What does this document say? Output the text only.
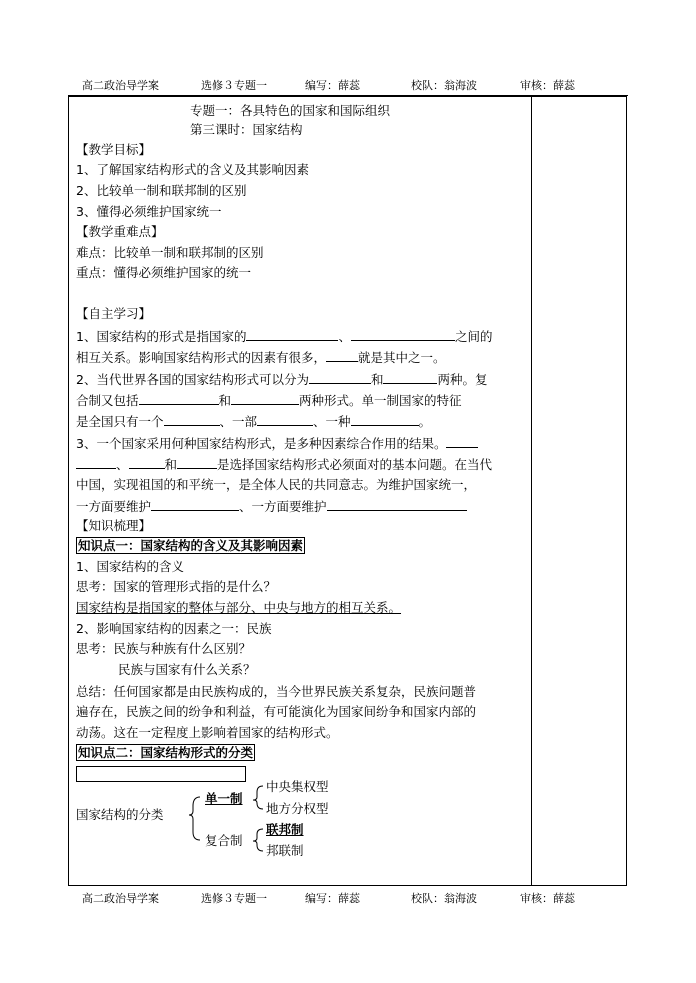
高二政治导学案	选修３专题一	编写：薛蕊	校队：翁海波	审核：薛蕊
专题一：各具特色的国家和国际组织
第三课时：国家结构
【教学目标】
1、了解国家结构形式的含义及其影响因素
2、比较单一制和联邦制的区别
3、懂得必须维护国家统一
【教学重难点】
难点：比较单一制和联邦制的区别
重点：懂得必须维护国家的统一
【自主学习】
1、国家结构的形式是指国家的	、	之间的
相互关系。影响国家结构形式的因素有很多，	就是其中之一。
2、当代世界各国的国家结构形式可以分为	和	两种。复
合制又包括	和	两种形式。单一制国家的特征
是全国只有一个	、一部	、一种	。
3、一个国家采用何种国家结构形式，是多种因素综合作用的结果。
、	和	是选择国家结构形式必须面对的基本问题。在当代
中国，实现祖国的和平统一，是全体人民的共同意志。为维护国家统一，
一方面要维护	、一方面要维护
【知识梳理】
知识点一：国家结构的含义及其影响因素
1、国家结构的含义
思考：国家的管理形式指的是什么？
国家结构是指国家的整体与部分、中央与地方的相互关系。
2、影响国家结构的因素之一：民族
思考：民族与种族有什么区别？
民族与国家有什么关系？
总结：任何国家都是由民族构成的，当今世界民族关系复杂，民族问题普
遍存在，民族之间的纷争和利益，有可能演化为国家间纷争和国家内部的
动荡。这在一定程度上影响着国家的结构形式。
知识点二：国家结构形式的分类
国家结构的分类
单一制
复合制
中央集权型
地方分权型
联邦制
邦联制
高二政治导学案	选修３专题一	编写：薛蕊	校队：翁海波	审核：薛蕊
